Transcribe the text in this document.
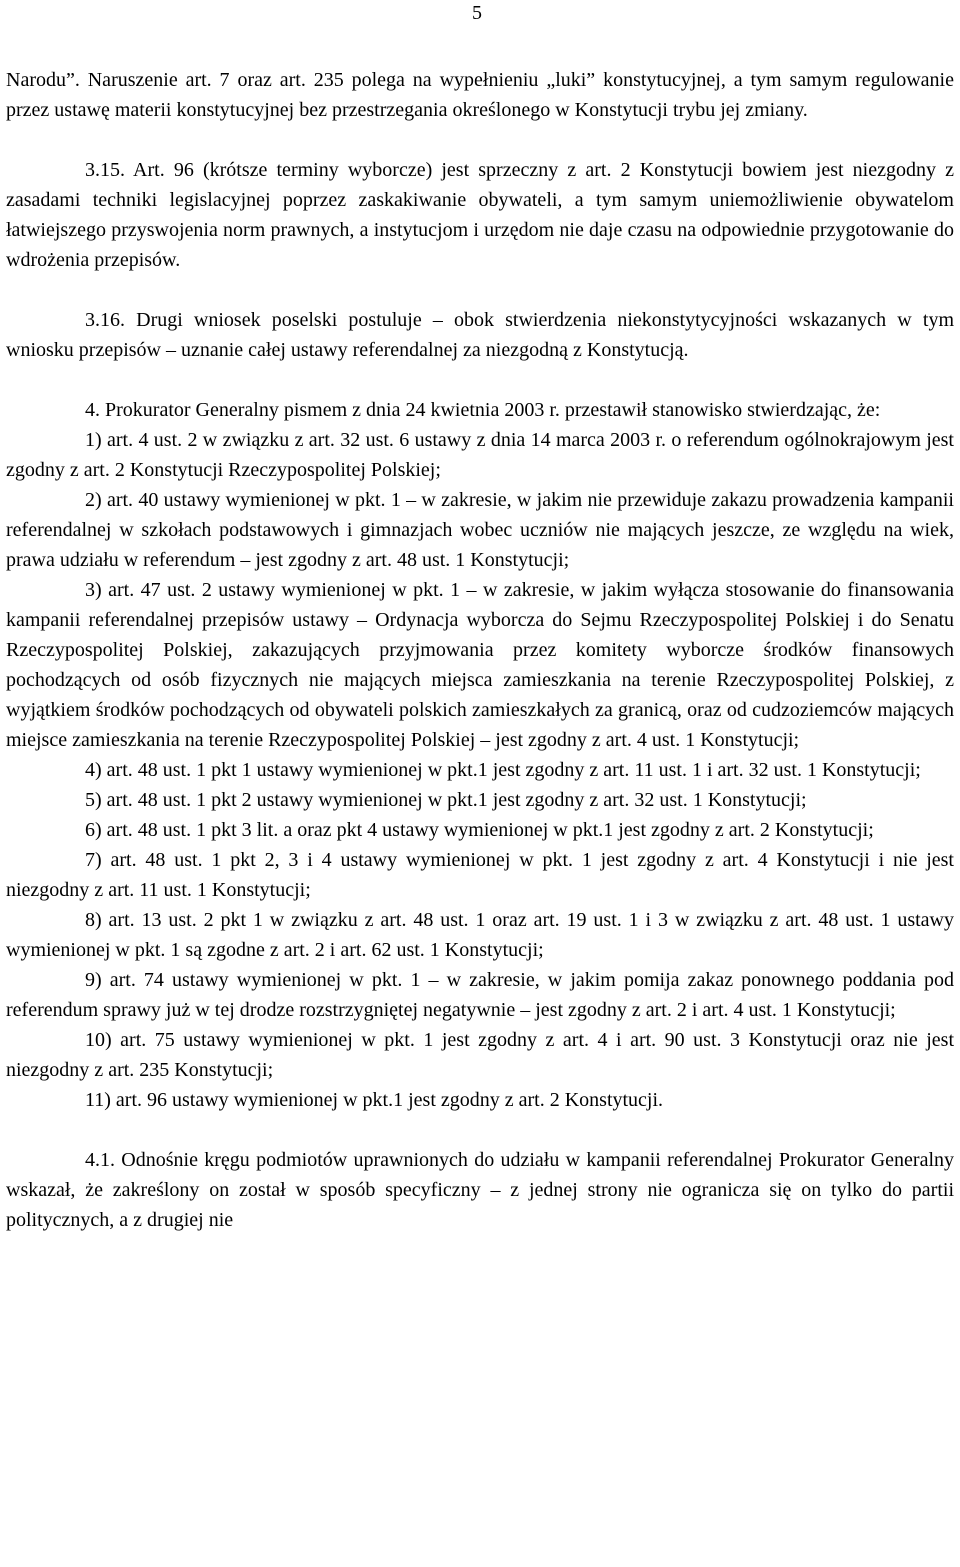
5

Narodu”. Naruszenie art. 7 oraz art. 235 polega na wypełnieniu „luki” konstytucyjnej, a tym samym regulowanie przez ustawę materii konstytucyjnej bez przestrzegania określonego w Konstytucji trybu jej zmiany.

3.15. Art. 96 (krótsze terminy wyborcze) jest sprzeczny z art. 2 Konstytucji bowiem jest niezgodny z zasadami techniki legislacyjnej poprzez zaskakiwanie obywateli, a tym samym uniemożliwienie obywatelom łatwiejszego przyswojenia norm prawnych, a instytucjom i urzędom nie daje czasu na odpowiednie przygotowanie do wdrożenia przepisów.

3.16. Drugi wniosek poselski postuluje – obok stwierdzenia niekonstytycyjności wskazanych w tym wniosku przepisów – uznanie całej ustawy referendalnej za niezgodną z Konstytucją.

4. Prokurator Generalny pismem z dnia 24 kwietnia 2003 r. przestawił stanowisko stwierdzając, że:

1) art. 4 ust. 2 w związku z art. 32 ust. 6 ustawy z dnia 14 marca 2003 r. o referendum ogólnokrajowym jest zgodny z art. 2 Konstytucji Rzeczypospolitej Polskiej;

2) art. 40 ustawy wymienionej w pkt. 1 – w zakresie, w jakim nie przewiduje zakazu prowadzenia kampanii referendalnej w szkołach podstawowych i gimnazjach wobec uczniów nie mających jeszcze, ze względu na wiek, prawa udziału w referendum – jest zgodny z art. 48 ust. 1 Konstytucji;

3) art. 47 ust. 2 ustawy wymienionej w pkt. 1 – w zakresie, w jakim wyłącza stosowanie do finansowania kampanii referendalnej przepisów ustawy – Ordynacja wyborcza do Sejmu Rzeczypospolitej Polskiej i do Senatu Rzeczypospolitej Polskiej, zakazujących przyjmowania przez komitety wyborcze środków finansowych pochodzących od osób fizycznych nie mających miejsca zamieszkania na terenie Rzeczypospolitej Polskiej, z wyjątkiem środków pochodzących od obywateli polskich zamieszkałych za granicą, oraz od cudzoziemców mających miejsce zamieszkania na terenie Rzeczypospolitej Polskiej – jest zgodny z art. 4 ust. 1 Konstytucji;

4) art. 48 ust. 1 pkt 1 ustawy wymienionej w pkt.1 jest zgodny z art. 11 ust. 1 i art. 32 ust. 1 Konstytucji;

5) art. 48 ust. 1 pkt 2 ustawy wymienionej w pkt.1 jest zgodny z art. 32 ust. 1 Konstytucji;

6) art. 48 ust. 1 pkt 3 lit. a oraz pkt 4 ustawy wymienionej w pkt.1 jest zgodny z art. 2 Konstytucji;

7) art. 48 ust. 1 pkt 2, 3 i 4 ustawy wymienionej w pkt. 1 jest zgodny z art. 4 Konstytucji i nie jest niezgodny z art. 11 ust. 1 Konstytucji;

8) art. 13 ust. 2 pkt 1 w związku z art. 48 ust. 1 oraz art. 19 ust. 1 i 3 w związku z art. 48 ust. 1 ustawy wymienionej w pkt. 1 są zgodne z art. 2 i art. 62 ust. 1 Konstytucji;

9) art. 74 ustawy wymienionej w pkt. 1 – w zakresie, w jakim pomija zakaz ponownego poddania pod referendum sprawy już w tej drodze rozstrzygniętej negatywnie – jest zgodny z art. 2 i art. 4 ust. 1 Konstytucji;

10) art. 75 ustawy wymienionej w pkt. 1 jest zgodny z art. 4 i art. 90 ust. 3 Konstytucji oraz nie jest niezgodny z art. 235 Konstytucji;

11) art. 96 ustawy wymienionej w pkt.1 jest zgodny z art. 2 Konstytucji.

4.1. Odnośnie kręgu podmiotów uprawnionych do udziału w kampanii referendalnej Prokurator Generalny wskazał, że zakreślony on został w sposób specyficzny – z jednej strony nie ogranicza się on tylko do partii politycznych, a z drugiej nie
